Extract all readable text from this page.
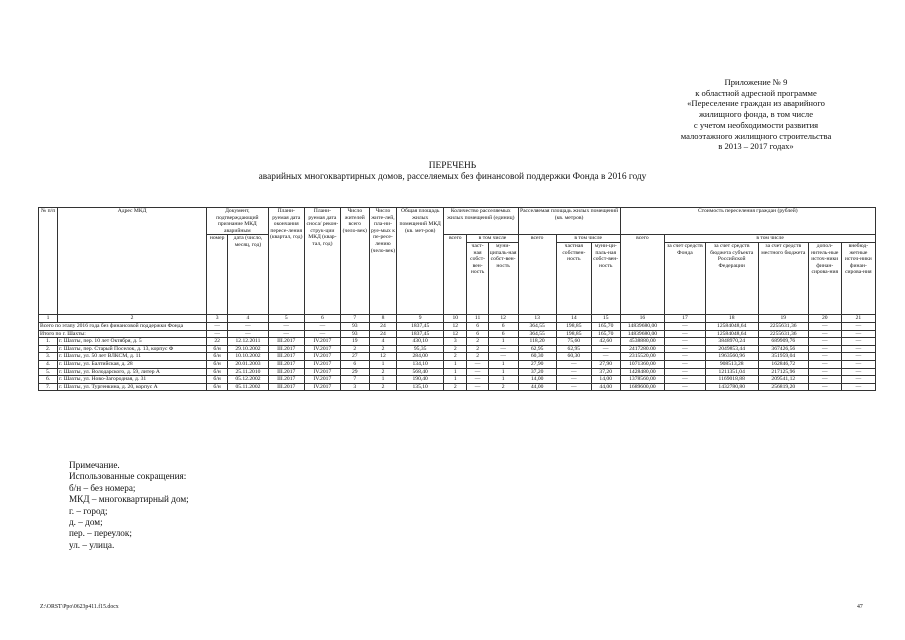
Приложение № 9
к областной адресной программе
«Переселение граждан из аварийного
жилищного фонда, в том числе
с учетом необходимости развития
малоэтажного жилищного строительства
в 2013 – 2017 годах»
ПЕРЕЧЕНЬ
аварийных многоквартирных домов, расселяемых без финансовой поддержки Фонда в 2016 году
№ п/п	Адрес МКД	Документ, подтверждающий признание МКД аварийным		Плани-руемая дата окончания пересе-ления (квартал, год)	Плани-руемая дата сноса/ рекон-струк-ции МКД (квар-тал, год)	Число жителей всего (чело-век)	Число жите-лей, пла-ни-руе-мых к пе-ресе-лению (чело-век)	Общая площадь жилых помещений МКД (кв. мет-ров)	Количество расселяемых жилых помещений (единиц)			Расселяемая площадь жилых помещений (кв. метров)			Стоимость переселения граждан (рублей)					
		номер	дата (число, месяц, год)						всего	в том числе		всего	в том числе		всего	в том числе				
										част-ная собст-вен-ность	муни-ципаль-ная собст-вен-ность		частная собствен-ность	муни-ци-паль-ная собст-вен-ность		за счет средств Фонда	за счет средств бюджета субъекта Российской Федерации	за счет средств местного бюджета	допол-нитель-ные источ-ники финан-сирова-ния	внебюд-жетные источ-ники финан-сирова-ния
1	2	3	4	5	6	7	8	9	10	11	12	13	14	15	16	17	18	19	20	21
Всего по этапу 2016 года без финансовой поддержки Фонда		—	—	—	—	93	24	1837,45	12	6	6	364,55	198,85	165,70	14839680,00	—	12584048,64	2255631,36	—	—
Итого по г. Шахты:		—	—	—	—	93	24	1837,45	12	6	6	364,55	198,85	165,70	14839680,00	—	12584048,64	2255631,36	—	—
1.	г. Шахты, пер. 10 лет Октября, д. 5	22	12.12.2011	III.2017	IV.2017	19	4	430,10	3	2	1	118,20	75,60	42,60	4538880,00	—	3848970,24	689909,76	—	—
2.	г. Шахты, пер. Старый Поселок, д. 13, корпус Ф	б/н	29.10.2002	III.2017	IV.2017	2	2	95,35	2	2	—	62,95	62,95	—	2417280.00	—	2049853,44	367426,56	—	—
3.	г. Шахты, ул. 50 лет ВЛКСМ, д. 11	б/н	10.10.2002	III.2017	IV.2017	27	12	284,00	2	2	—	60,30	60,30	—	2315520,00	—	1963560,96	351959,04	—	—
4.	г. Шахты, ул. Балтийская, д. 28	б/н	20.01.2003	III.2017	IV.2017	6	1	134,10	1	—	1	27,90	—	27,90	1071360,00	—	908513,28	162846,72	—	—
5.	г. Шахты, ул. Володарского, д. 59, литер А	б/н	25.11.2010	III.2017	IV.2017	29	2	568,40	1	—	1	37,20	—	37,20	1428480,00	—	1211351,04	217125,96	—	—
6.	г. Шахты, ул. Ново-Загородная, д. 31	б/н	05.12.2002	III.2017	IV.2017	7	1	190,40	1	—	1	14,00	—	14,00	1378560,00	—	1169018,88	209541,12	—	—
7.	г. Шахты, ул. Тургенкина, д. 20, корпус А	б/н	05.11.2002	III.2017	IV.2017	3	2	135,10	2	—	2	44,00	—	44,00	1689600,00	—	1432780,80	256819,20	—	—
Примечание.
Использованные сокращения:
б/н – без номера;
МКД – многоквартирный дом;
г. – город;
д. – дом;
пер. – переулок;
ул. – улица.
Z:\ORST\Ppo\0623p411.f15.docx	47
